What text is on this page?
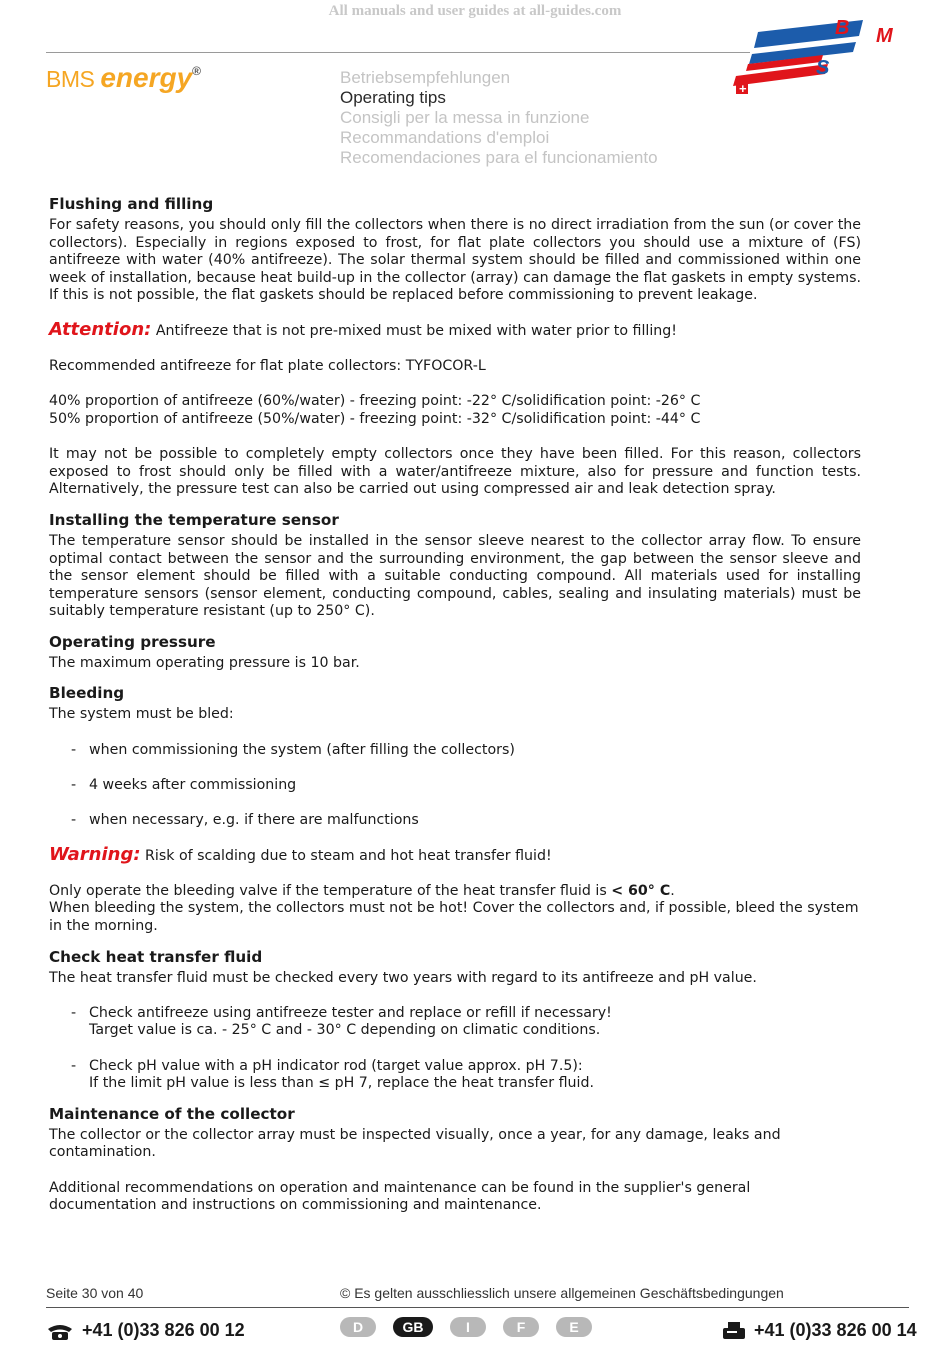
All manuals and user guides at all-guides.com
BMS energy®
+
B M
S
Betriebsempfehlungen
Operating tips
Consigli per la messa in funzione
Recommandations d'emploi
Recomendaciones para el funcionamiento
Flushing and filling

For safety reasons, you should only fill the collectors when there is no direct irradiation from the sun (or cover the collectors). Especially in regions exposed to frost, for flat plate collectors you should use a mixture of (FS) antifreeze with water (40% antifreeze). The solar thermal system should be filled and commissioned within one week of installation, because heat build-up in the collector (array) can damage the flat gaskets in empty systems. If this is not possible, the flat gaskets should be replaced before commissioning to prevent leakage.

Attention: Antifreeze that is not pre-mixed must be mixed with water prior to filling!

Recommended antifreeze for flat plate collectors: TYFOCOR-L

40% proportion of antifreeze (60%/water) - freezing point: -22° C/solidification point: -26° C

50% proportion of antifreeze (50%/water) - freezing point: -32° C/solidification point: -44° C

It may not be possible to completely empty collectors once they have been filled. For this reason, collectors exposed to frost should only be filled with a water/antifreeze mixture, also for pressure and function tests. Alternatively, the pressure test can also be carried out using compressed air and leak detection spray.

Installing the temperature sensor

The temperature sensor should be installed in the sensor sleeve nearest to the collector array flow. To ensure optimal contact between the sensor and the surrounding environment, the gap between the sensor sleeve and the sensor element should be filled with a suitable conducting compound. All materials used for installing temperature sensors (sensor element, conducting compound, cables, sealing and insulating materials) must be suitably temperature resistant (up to 250° C).

Operating pressure

The maximum operating pressure is 10 bar.

Bleeding

The system must be bled:

- when commissioning the system (after filling the collectors)
- 4 weeks after commissioning
- when necessary, e.g. if there are malfunctions

Warning: Risk of scalding due to steam and hot heat transfer fluid!

Only operate the bleeding valve if the temperature of the heat transfer fluid is < 60° C.

When bleeding the system, the collectors must not be hot! Cover the collectors and, if possible, bleed the system in the morning.

Check heat transfer fluid

The heat transfer fluid must be checked every two years with regard to its antifreeze and pH value.

- Check antifreeze using antifreeze tester and replace or refill if necessary!
Target value is ca. - 25° C and - 30° C depending on climatic conditions.
- Check pH value with a pH indicator rod (target value approx. pH 7.5):
If the limit pH value is less than ≤ pH 7, replace the heat transfer fluid.
Maintenance of the collector

The collector or the collector array must be inspected visually, once a year, for any damage, leaks and contamination.

Additional recommendations on operation and maintenance can be found in the supplier's general documentation and instructions on commissioning and maintenance.

Seite 30 von 40	© Es gelten ausschliesslich unsere allgemeinen Geschäftsbedingungen
+41 (0)33 826 00 12	D	GB	I	F	E	+41 (0)33 826 00 14
